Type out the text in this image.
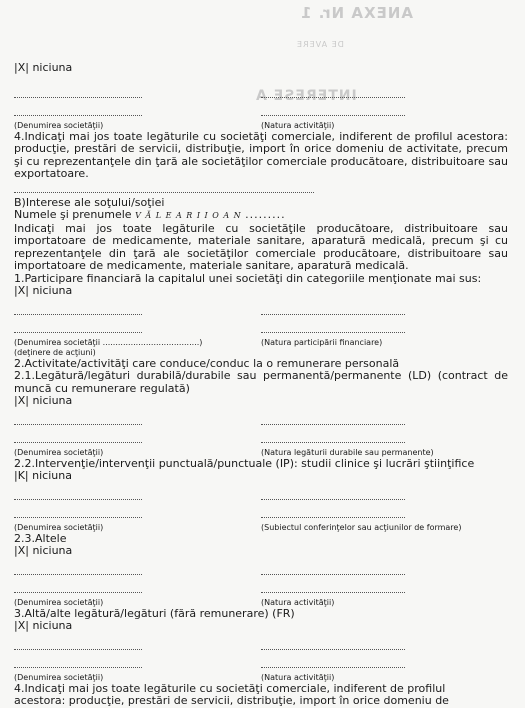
ANEXA Nr. 1
DE AVERE
INTERESE A
|X| niciuna
(Denumirea societăţii)	(Natura activităţii)

4.Indicaţi mai jos toate legăturile cu societăţi comerciale, indiferent de profilul acestora: producţie, prestări de servicii, distribuţie, import în orice domeniu de activitate, precum şi cu reprezentanţele din ţară ale societăţilor comerciale producătoare, distribuitoare sau exportatoare.

B)Interese ale soţului/soţiei
Numele şi prenumele V Ă L E A R I I O A N .........

Indicaţi mai jos toate legăturile cu societăţile producătoare, distribuitoare sau importatoare de medicamente, materiale sanitare, aparatură medicală, precum şi cu reprezentanţele din ţară ale societăţilor comerciale producătoare, distribuitoare sau importatoare de medicamente, materiale sanitare, aparatură medicală.

1.Participare financiară la capitalul unei societăţi din categoriile menţionate mai sus:
|X| niciuna
(Denumirea societăţii ......................................)	(Natura participării financiare)
(deţinere de acţiuni)
2.Activitate/activităţi care conduce/conduc la o remunerare personală

2.1.Legătură/legături durabilă/durabile sau permanentă/permanente (LD) (contract de muncă cu remunerare regulată)

|X| niciuna
(Denumirea societăţii)	(Natura legăturii durabile sau permanente)
2.2.Intervenţie/intervenţii punctuală/punctuale (IP): studii clinice şi lucrări ştiinţifice
|K| niciuna
(Denumirea societăţii)	(Subiectul conferinţelor sau acţiunilor de formare)
2.3.Altele
|X| niciuna
(Denumirea societăţii)	(Natura activităţii)
3.Altă/alte legătură/legături (fără remunerare) (FR)
|X| niciuna
(Denumirea societăţii)	(Natura activităţii)
4.Indicaţi mai jos toate legăturile cu societăţi comerciale, indiferent de profilul
acestora: producţie, prestări de servicii, distribuţie, import în orice domeniu de
